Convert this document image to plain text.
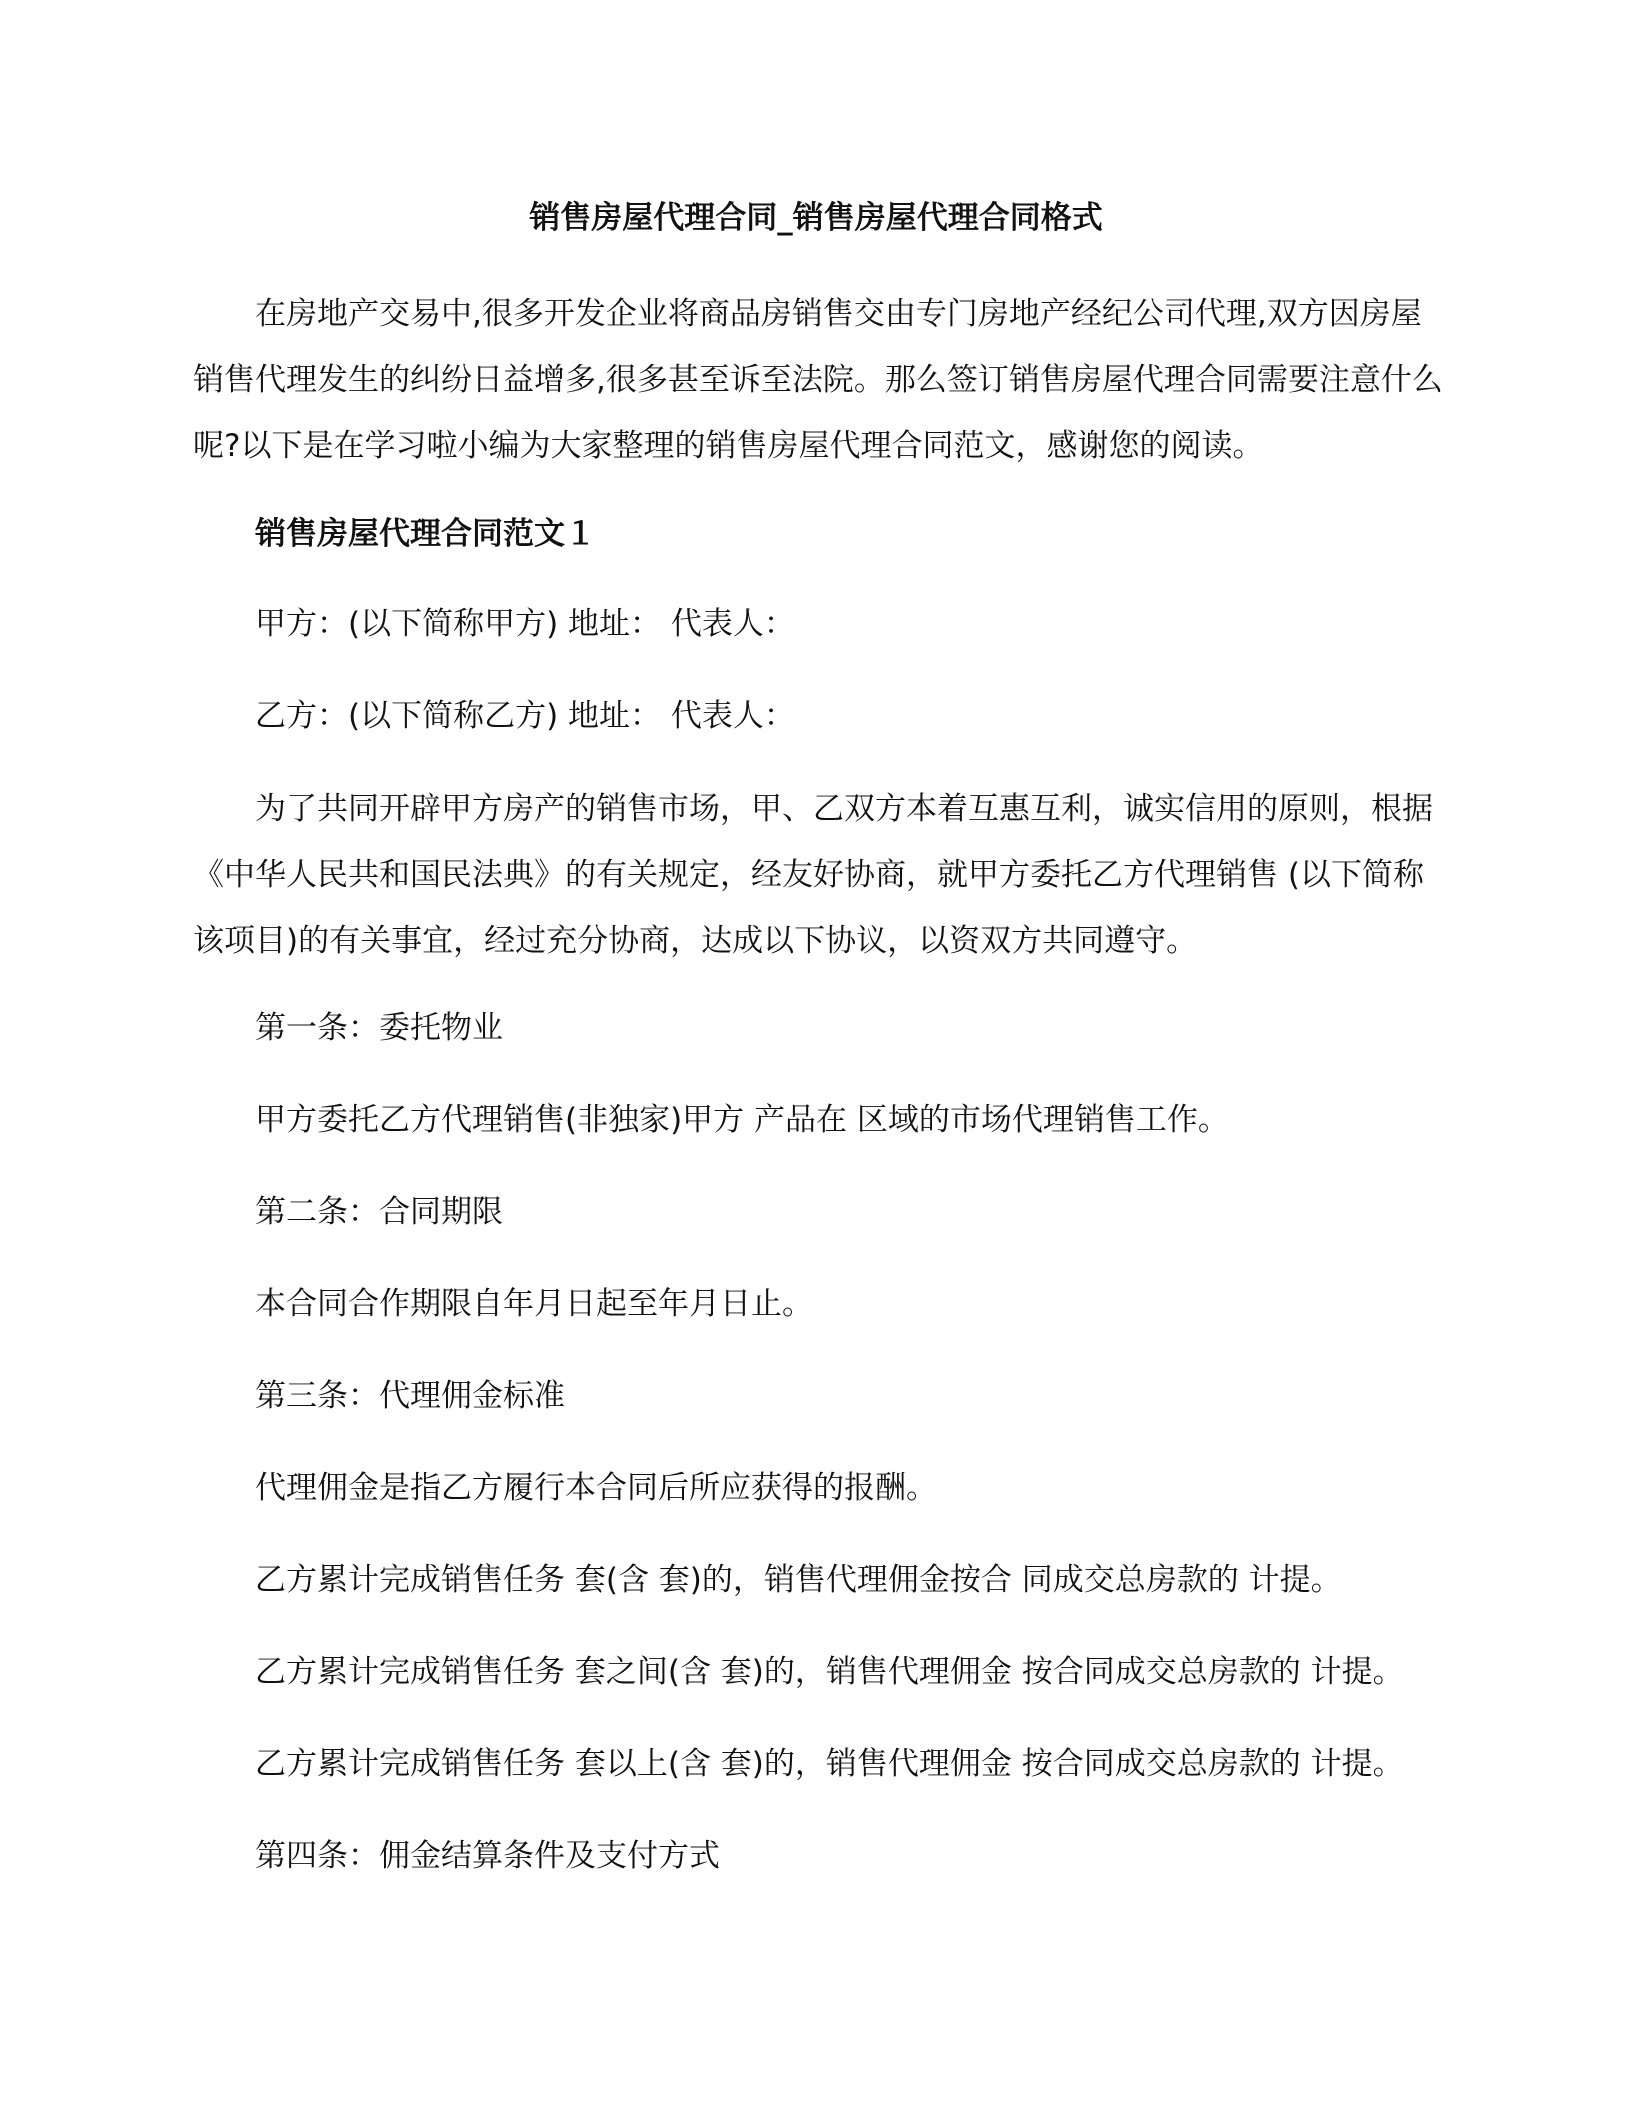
销售房屋代理合同_销售房屋代理合同格式

在房地产交易中,很多开发企业将商品房销售交由专门房地产经纪公司代理,双方因房屋销售代理发生的纠纷日益增多,很多甚至诉至法院。那么签订销售房屋代理合同需要注意什么呢?以下是在学习啦小编为大家整理的销售房屋代理合同范文，感谢您的阅读。

销售房屋代理合同范文１

甲方：(以下简称甲方) 地址： 代表人：

乙方：(以下简称乙方) 地址： 代表人：

为了共同开辟甲方房产的销售市场，甲、乙双方本着互惠互利，诚实信用的原则，根据《中华人民共和国民法典》的有关规定，经友好协商，就甲方委托乙方代理销售 (以下简称该项目)的有关事宜，经过充分协商，达成以下协议，以资双方共同遵守。

第一条：委托物业

甲方委托乙方代理销售(非独家)甲方 产品在 区域的市场代理销售工作。

第二条：合同期限

本合同合作期限自年月日起至年月日止。

第三条：代理佣金标准

代理佣金是指乙方履行本合同后所应获得的报酬。

乙方累计完成销售任务 套(含 套)的，销售代理佣金按合 同成交总房款的 计提。

乙方累计完成销售任务 套之间(含 套)的，销售代理佣金 按合同成交总房款的 计提。

乙方累计完成销售任务 套以上(含 套)的，销售代理佣金 按合同成交总房款的 计提。

第四条：佣金结算条件及支付方式
